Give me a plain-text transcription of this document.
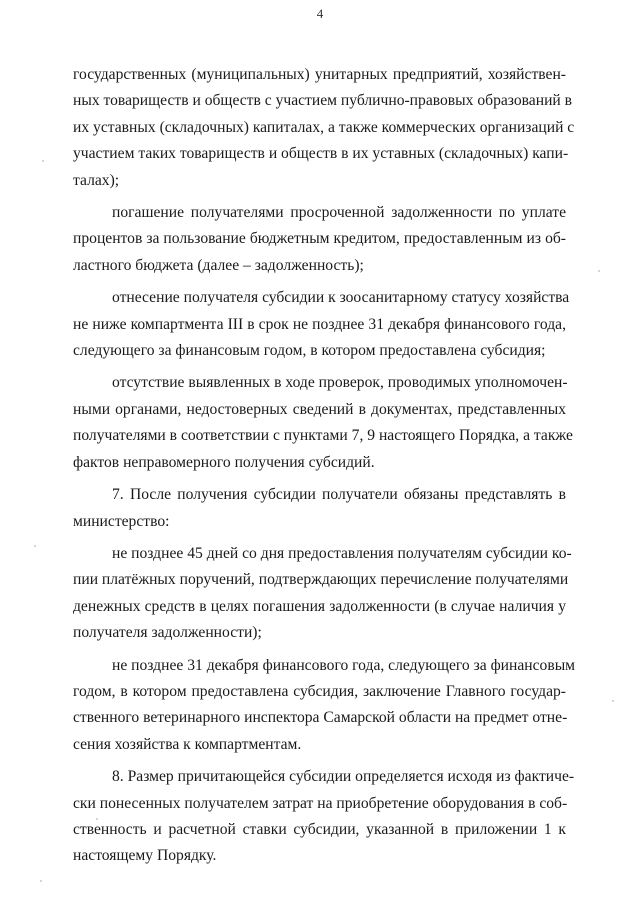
4

государственных (муниципальных) унитарных предприятий, хозяйствен-
ных товариществ и обществ с участием публично-правовых образований в
их уставных (складочных) капиталах, а также коммерческих организаций с
участием таких товариществ и обществ в их уставных (складочных) капи-
талах);

погашение получателями просроченной задолженности по уплате
процентов за пользование бюджетным кредитом, предоставленным из об-
ластного бюджета (далее – задолженность);

отнесение получателя субсидии к зоосанитарному статусу хозяйства
не ниже компартмента III в срок не позднее 31 декабря финансового года,
следующего за финансовым годом, в котором предоставлена субсидия;

отсутствие выявленных в ходе проверок, проводимых уполномочен-
ными органами, недостоверных сведений в документах, представленных
получателями в соответствии с пунктами 7, 9 настоящего Порядка, а также
фактов неправомерного получения субсидий.

7. После получения субсидии получатели обязаны представлять в
министерство:

не позднее 45 дней со дня предоставления получателям субсидии ко-
пии платёжных поручений, подтверждающих перечисление получателями
денежных средств в целях погашения задолженности (в случае наличия у
получателя задолженности);

не позднее 31 декабря финансового года, следующего за финансовым
годом, в котором предоставлена субсидия, заключение Главного государ-
ственного ветеринарного инспектора Самарской области на предмет отне-
сения хозяйства к компартментам.

8. Размер причитающейся субсидии определяется исходя из фактиче-
ски понесенных получателем затрат на приобретение оборудования в соб-
ственность и расчетной ставки субсидии, указанной в приложении 1 к
настоящему Порядку.
